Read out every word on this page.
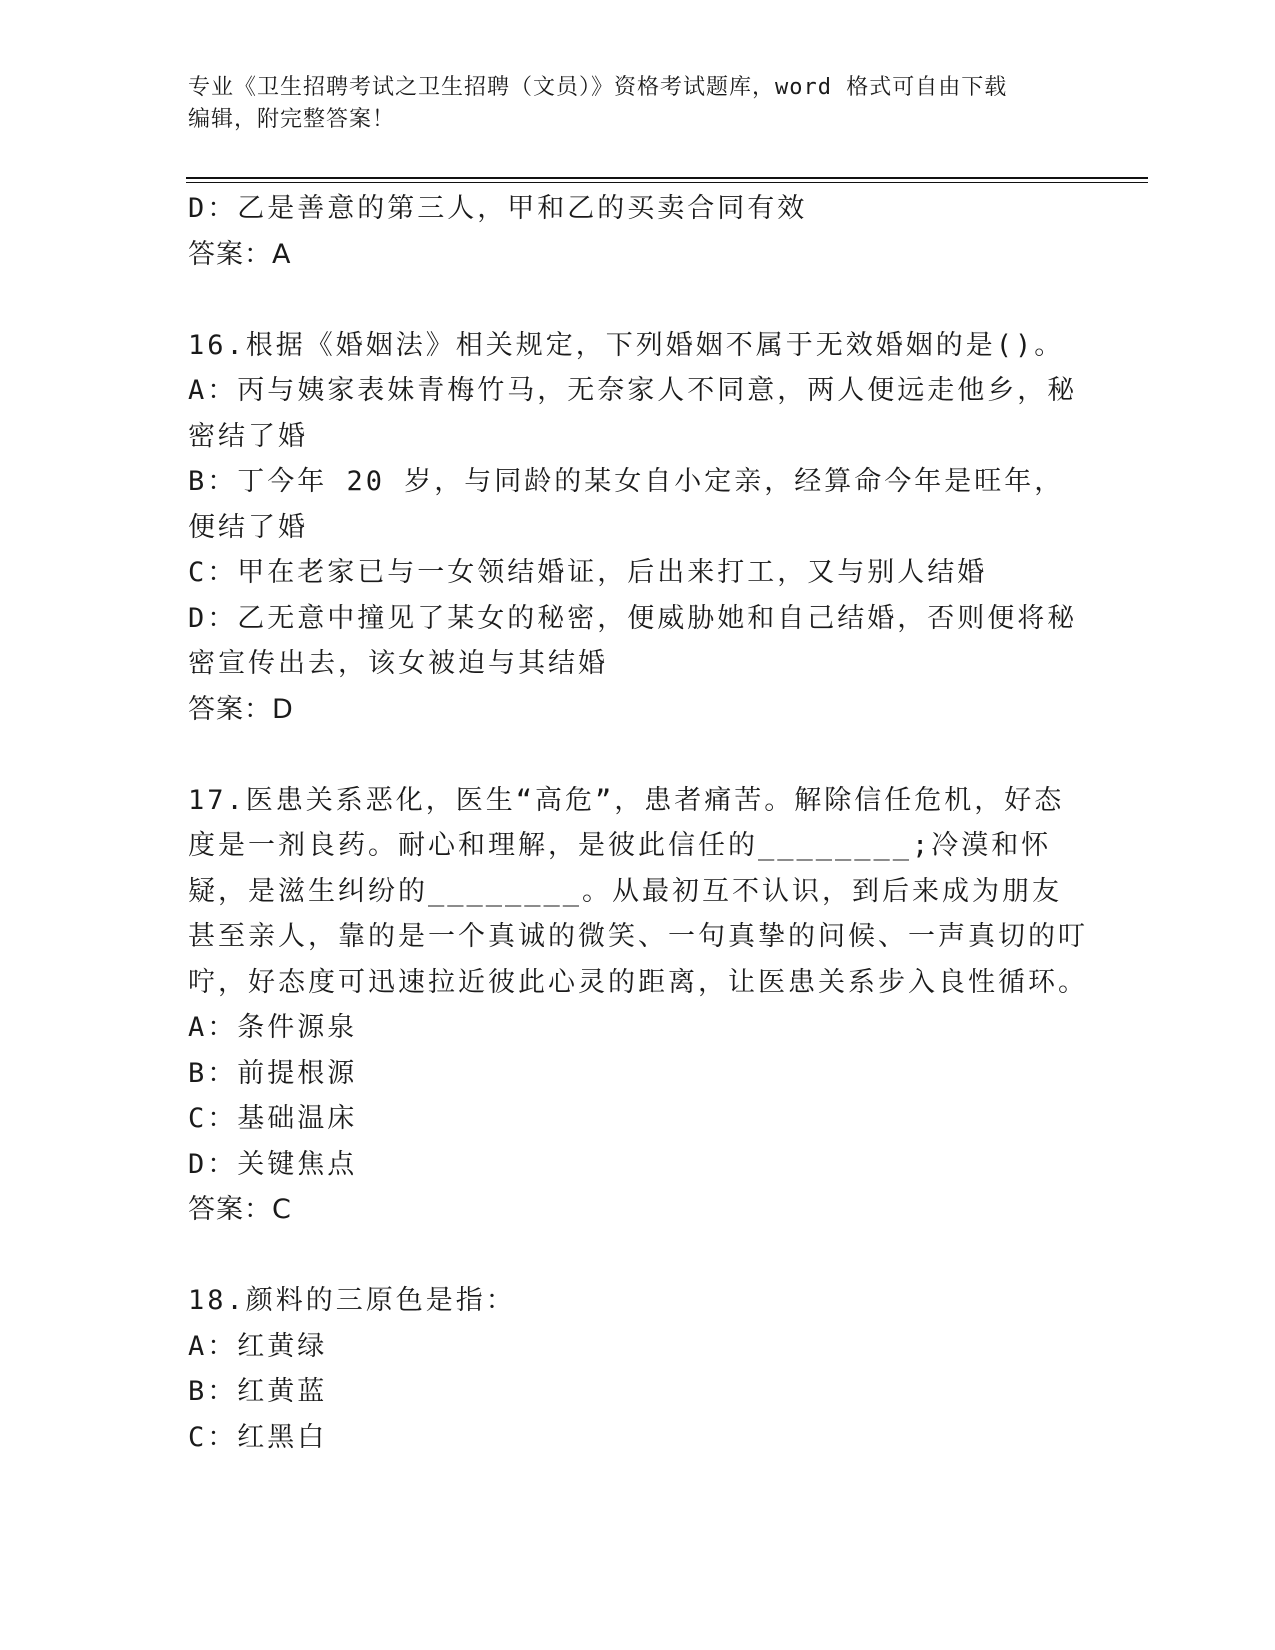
专业《卫生招聘考试之卫生招聘（文员）》资格考试题库，word 格式可自由下载
编辑，附完整答案！

D：乙是善意的第三人，甲和乙的买卖合同有效

答案：A

16.根据《婚姻法》相关规定，下列婚姻不属于无效婚姻的是()。

A：丙与姨家表妹青梅竹马，无奈家人不同意，两人便远走他乡，秘密结了婚

B：丁今年 20 岁，与同龄的某女自小定亲，经算命今年是旺年，便结了婚

C：甲在老家已与一女领结婚证，后出来打工，又与别人结婚

D：乙无意中撞见了某女的秘密，便威胁她和自己结婚，否则便将秘密宣传出去，该女被迫与其结婚

答案：D

17.医患关系恶化，医生“高危”，患者痛苦。解除信任危机，好态度是一剂良药。耐心和理解，是彼此信任的________;冷漠和怀疑，是滋生纠纷的________。从最初互不认识，到后来成为朋友甚至亲人，靠的是一个真诚的微笑、一句真挚的问候、一声真切的叮咛，好态度可迅速拉近彼此心灵的距离，让医患关系步入良性循环。

A：条件源泉

B：前提根源

C：基础温床

D：关键焦点

答案：C

18.颜料的三原色是指：

A：红黄绿

B：红黄蓝

C：红黑白
